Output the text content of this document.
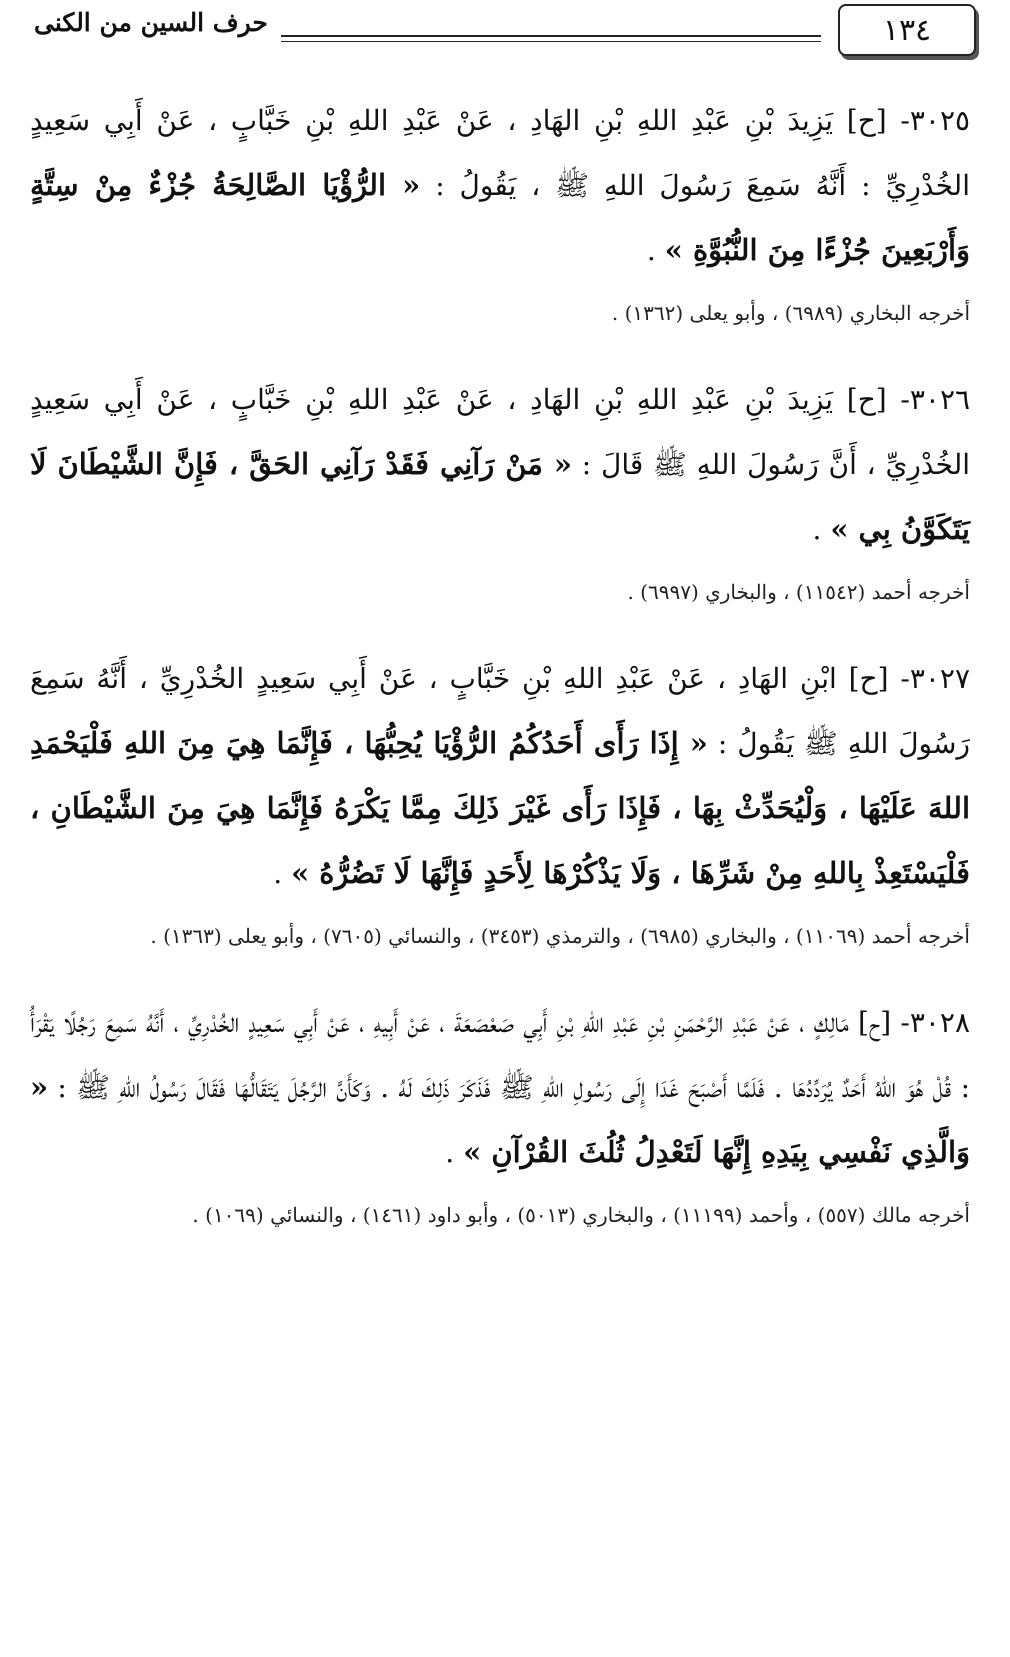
١٣٤
حرف السين من الكنى

٣٠٢٥- [ح] يَزِيدَ بْنِ عَبْدِ اللهِ بْنِ الهَادِ ، عَنْ عَبْدِ اللهِ بْنِ خَبَّابٍ ، عَنْ أَبِي سَعِيدٍ الخُدْرِيِّ : أَنَّهُ سَمِعَ رَسُولَ اللهِ ﷺ ، يَقُولُ : « الرُّؤْيَا الصَّالِحَةُ جُزْءٌ مِنْ سِتَّةٍ وَأَرْبَعِينَ جُزْءًا مِنَ النُّبُوَّةِ » .

أخرجه البخاري (٦٩٨٩) ، وأبو يعلى (١٣٦٢) .

٣٠٢٦- [ح] يَزِيدَ بْنِ عَبْدِ اللهِ بْنِ الهَادِ ، عَنْ عَبْدِ اللهِ بْنِ خَبَّابٍ ، عَنْ أَبِي سَعِيدٍ الخُدْرِيِّ ، أَنَّ رَسُولَ اللهِ ﷺ قَالَ : « مَنْ رَآنِي فَقَدْ رَآنِي الحَقَّ ، فَإِنَّ الشَّيْطَانَ لَا يَتَكَوَّنُ بِي » .

أخرجه أحمد (١١٥٤٢) ، والبخاري (٦٩٩٧) .

٣٠٢٧- [ح] ابْنِ الهَادِ ، عَنْ عَبْدِ اللهِ بْنِ خَبَّابٍ ، عَنْ أَبِي سَعِيدٍ الخُدْرِيِّ ، أَنَّهُ سَمِعَ رَسُولَ اللهِ ﷺ يَقُولُ : « إِذَا رَأَى أَحَدُكُمُ الرُّؤْيَا يُحِبُّهَا ، فَإِنَّمَا هِيَ مِنَ اللهِ فَلْيَحْمَدِ اللهَ عَلَيْهَا ، وَلْيُحَدِّثْ بِهَا ، فَإِذَا رَأَى غَيْرَ ذَلِكَ مِمَّا يَكْرَهُ فَإِنَّمَا هِيَ مِنَ الشَّيْطَانِ ، فَلْيَسْتَعِذْ بِاللهِ مِنْ شَرِّهَا ، وَلَا يَذْكُرْهَا لِأَحَدٍ فَإِنَّهَا لَا تَضُرُّهُ » .

أخرجه أحمد (١١٠٦٩) ، والبخاري (٦٩٨٥) ، والترمذي (٣٤٥٣) ، والنسائي (٧٦٠٥) ، وأبو يعلى (١٣٦٣) .

٣٠٢٨- [ح] مَالِكٍ ، عَنْ عَبْدِ الرَّحْمَنِ بْنِ عَبْدِ اللهِ بْنِ أَبِي صَعْصَعَةَ ، عَنْ أَبِيهِ ، عَنْ أَبِي سَعِيدٍ الخُدْرِيِّ ، أَنَّهُ سَمِعَ رَجُلًا يَقْرَأُ : قُلْ هُوَ اللهُ أَحَدٌ يُرَدِّدُهَا . فَلَمَّا أَصْبَحَ غَدَا إِلَى رَسُولِ اللهِ ﷺ فَذَكَرَ ذَلِكَ لَهُ . وَكَأَنَّ الرَّجُلَ يَتَقَالُّهَا فَقَالَ رَسُولُ اللهِ ﷺ : « وَالَّذِي نَفْسِي بِيَدِهِ إِنَّهَا لَتَعْدِلُ ثُلُثَ القُرْآنِ » .

أخرجه مالك (٥٥٧) ، وأحمد (١١١٩٩) ، والبخاري (٥٠١٣) ، وأبو داود (١٤٦١) ، والنسائي (١٠٦٩) .
